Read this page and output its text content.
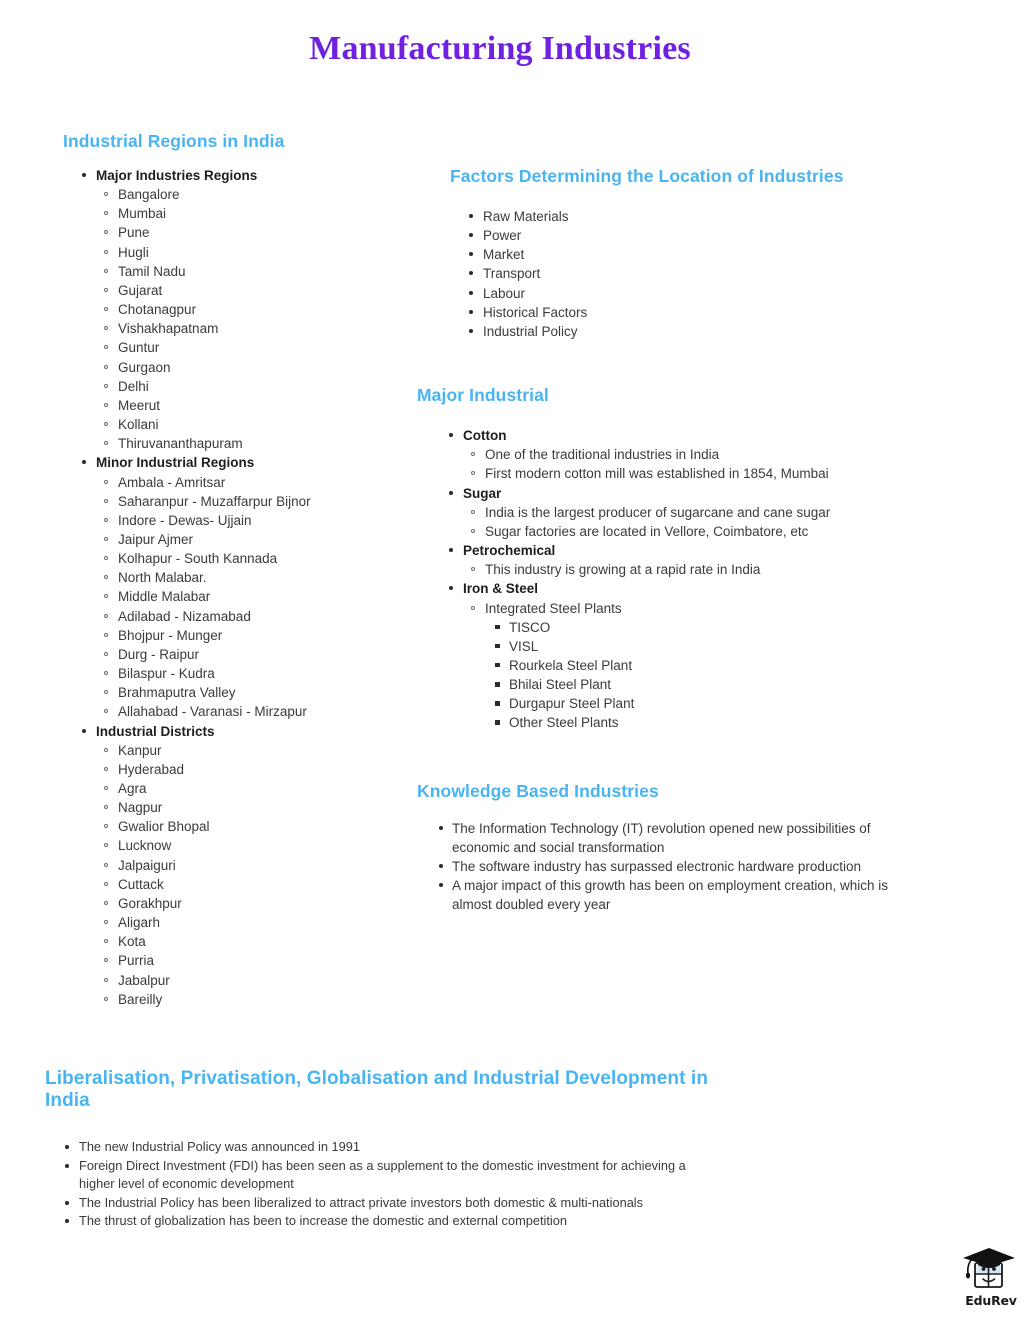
Manufacturing Industries
Industrial Regions in India
Major Industries Regions
Bangalore
Mumbai
Pune
Hugli
Tamil Nadu
Gujarat
Chotanagpur
Vishakhapatnam
Guntur
Gurgaon
Delhi
Meerut
Kollani
Thiruvananthapuram
Minor Industrial Regions
Ambala - Amritsar
Saharanpur - Muzaffarpur Bijnor
Indore - Dewas- Ujjain
Jaipur Ajmer
Kolhapur - South Kannada
North Malabar.
Middle Malabar
Adilabad - Nizamabad
Bhojpur - Munger
Durg - Raipur
Bilaspur - Kudra
Brahmaputra Valley
Allahabad - Varanasi - Mirzapur
Industrial Districts
Kanpur
Hyderabad
Agra
Nagpur
Gwalior Bhopal
Lucknow
Jalpaiguri
Cuttack
Gorakhpur
Aligarh
Kota
Purria
Jabalpur
Bareilly
Factors Determining the Location of Industries
Raw Materials
Power
Market
Transport
Labour
Historical Factors
Industrial Policy
Major Industrial
Cotton
One of the traditional industries in India
First modern cotton mill was established in 1854, Mumbai
Sugar
India is the largest producer of sugarcane and cane sugar
Sugar factories are located in Vellore, Coimbatore, etc
Petrochemical
This industry is growing at a rapid rate in India
Iron & Steel
Integrated Steel Plants
TISCO
VISL
Rourkela Steel Plant
Bhilai Steel Plant
Durgapur Steel Plant
Other Steel Plants
Knowledge Based Industries
The Information Technology (IT) revolution opened new possibilities of economic and social transformation
The software industry has surpassed electronic hardware production
A major impact of this growth has been on employment creation, which is almost doubled every year
Liberalisation, Privatisation, Globalisation and Industrial Development in India
The new Industrial Policy was announced in 1991
Foreign Direct Investment (FDI) has been seen as a supplement to the domestic investment for achieving a higher level of economic development
The Industrial Policy has been liberalized to attract private investors both domestic & multi-nationals
The thrust of globalization has been to increase the domestic and external competition
EduRev
